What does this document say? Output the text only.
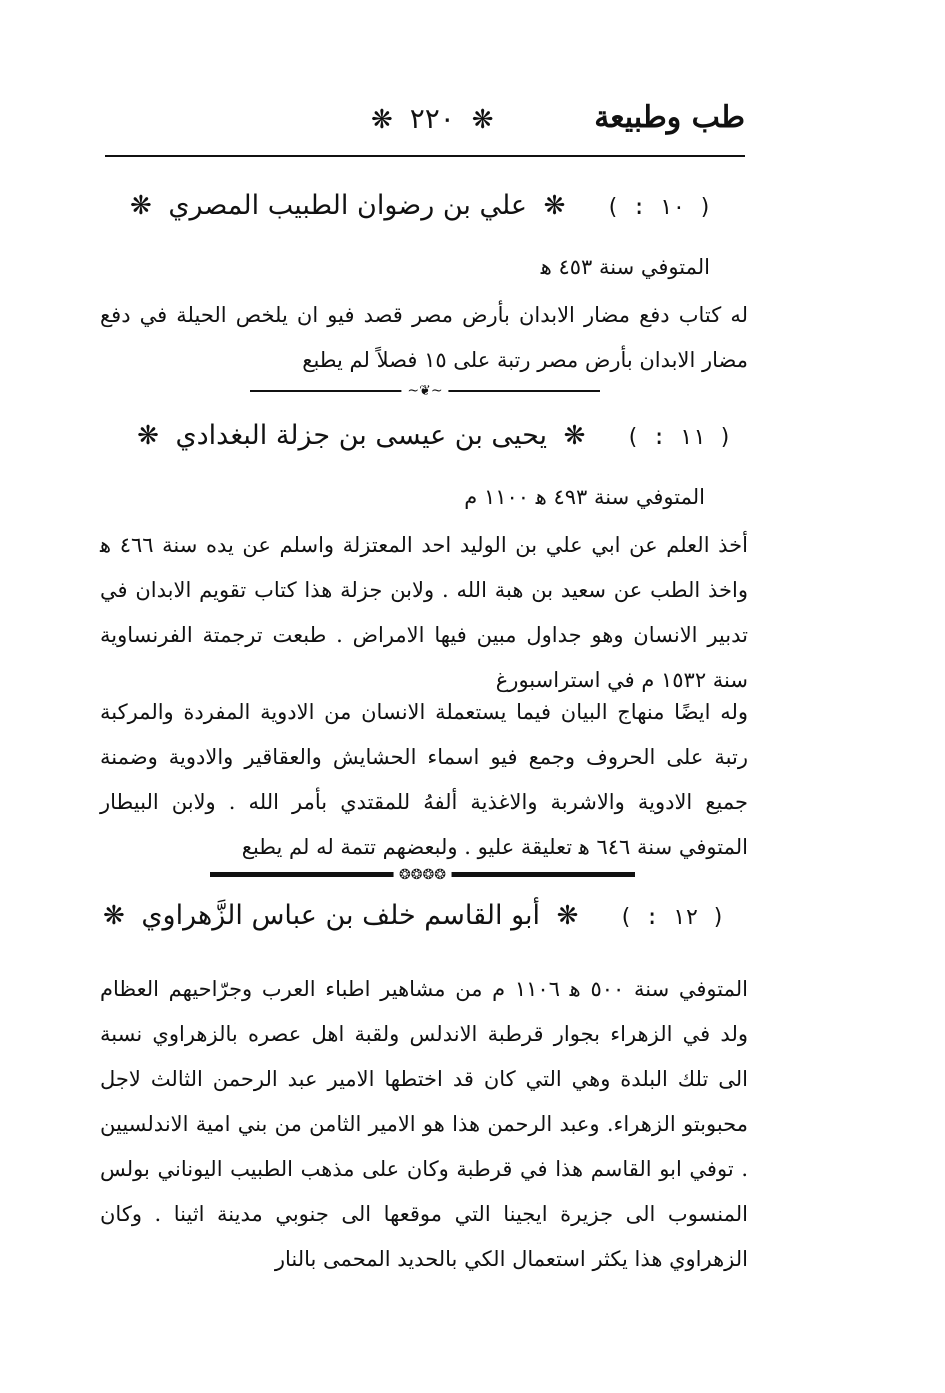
طب وطبيعة
❋ ٢٢٠ ❋
( ١٠ : ) ❋ علي بن رضوان الطبيب المصري ❋
المتوفي سنة ٤٥٣ ﻫ
له كتاب دفع مضار الابدان بأرض مصر قصد فيو ان يلخص الحيلة في دفع مضار الابدان بأرض مصر رتبة على ١٥ فصلاً لم يطبع
~❦~
( ١١ : ) ❋ يحيى بن عيسى بن جزلة البغدادي ❋
المتوفي سنة ٤٩٣ ﻫ ١١٠٠ م
أخذ العلم عن ابي علي بن الوليد احد المعتزلة واسلم عن يده سنة ٤٦٦ ﻫ واخذ الطب عن سعيد بن هبة الله . ولابن جزلة هذا كتاب تقويم الابدان في تدبير الانسان وهو جداول مبين فيها الامراض . طبعت ترجمتة الفرنساوية سنة ١٥٣٢ م في استراسبورغ
وله ايضًا منهاج البيان فيما يستعملة الانسان من الادوية المفردة والمركبة رتبة على الحروف وجمع فيو اسماء الحشايش والعقاقير والادوية وضمنة جميع الادوية والاشربة والاغذية ألفهُ للمقتدي بأمر الله . ولابن البيطار المتوفي سنة ٦٤٦ ﻫ تعليقة عليو . ولبعضهم تتمة له لم يطبع
❂❂❂❂
( ١٢ : ) ❋ أبو القاسم خلف بن عباس الزَّهراوي ❋
المتوفي سنة ٥٠٠ ﻫ ١١٠٦ م من مشاهير اطباء العرب وجرّاحيهم العظام ولد في الزهراء بجوار قرطبة الاندلس ولقبة اهل عصره بالزهراوي نسبة الى تلك البلدة وهي التي كان قد اختطها الامير عبد الرحمن الثالث لاجل محبوبتو الزهراء. وعبد الرحمن هذا هو الامير الثامن من بني امية الاندلسيين . توفي ابو القاسم هذا في قرطبة وكان على مذهب الطبيب اليوناني بولس المنسوب الى جزيرة ايجينا التي موقعها الى جنوبي مدينة اثينا . وكان الزهراوي هذا يكثر استعمال الكي بالحديد المحمى بالنار
